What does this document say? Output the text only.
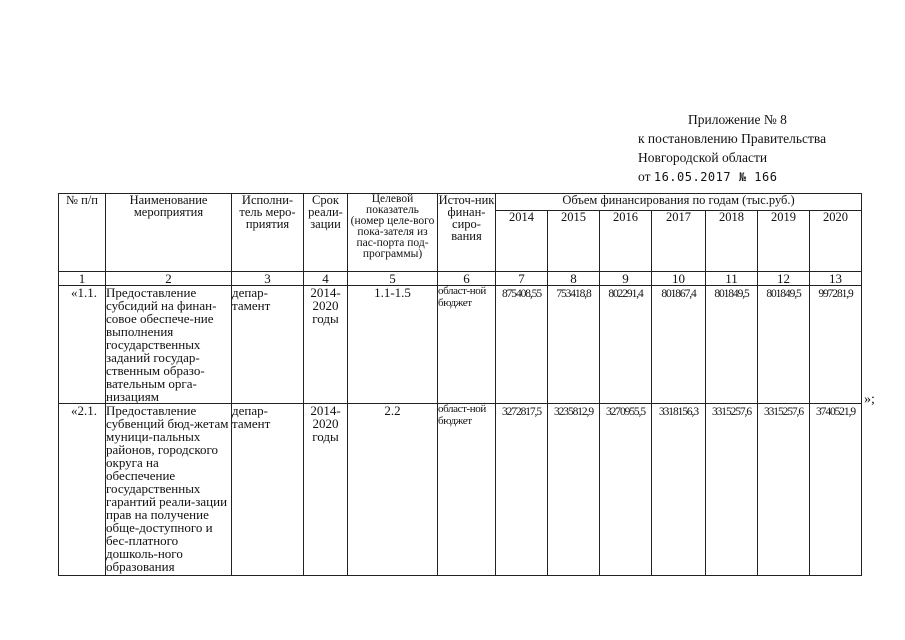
Приложение № 8
к постановлению Правительства
Новгородской области
от 16.05.2017 № 166
№ п/п	Наименование мероприятия	Исполни-тель меро-приятия	Срок реали-зации	Целевой показатель (номер целе-вого пока-зателя из пас-порта под-программы)	Источ-ник финан-сиро-вания	Объем финансирования по годам (тыс.руб.)						
						2014	2015	2016	2017	2018	2019	2020
1	2	3	4	5	6	7	8	9	10	11	12	13
«1.1.	Предоставление субсидий на финан-совое обеспече-ние выполнения государственных заданий государ-ственным образо-вательным орга-низациям	депар-тамент	2014-2020 годы	1.1-1.5	област-ной бюджет	875408,55	753418,8	802291,4	801867,4	801849,5	801849,5	997281,9
«2.1.	Предоставление субвенций бюд-жетам муници-пальных районов, городского округа на обеспечение государственных гарантий реали-зации прав на получение обще-доступного и бес-платного дошколь-ного образования	депар-тамент	2014-2020 годы	2.2	област-ной бюджет	3272817,5	3235812,9	3270955,5	3318156,3	3315257,6	3315257,6	3740521,9
»;
